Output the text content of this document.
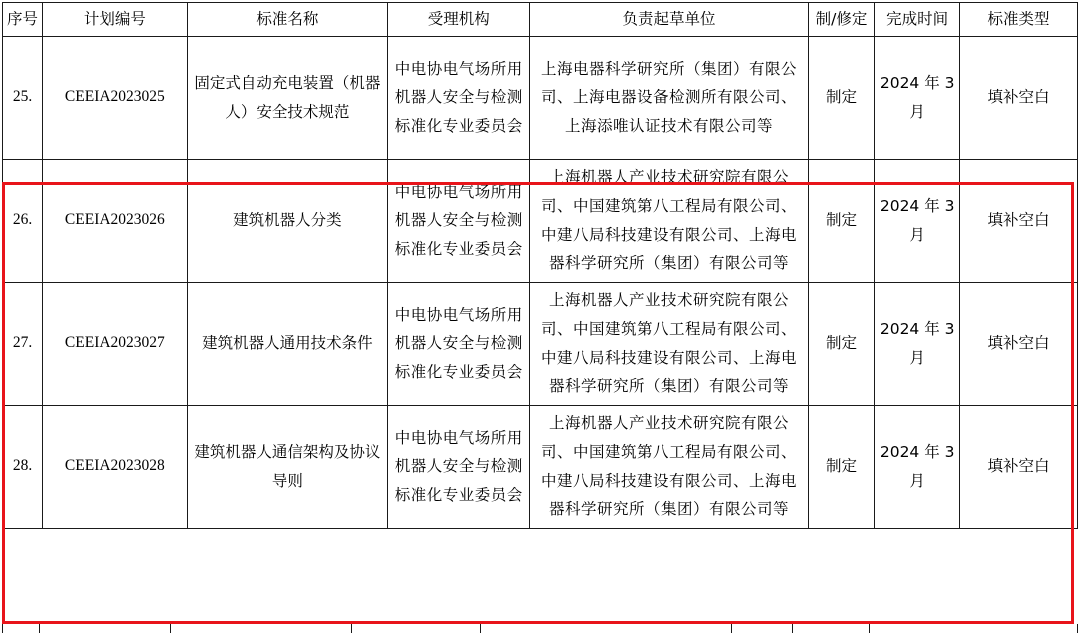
序号	计划编号	标准名称	受理机构	负责起草单位	制/修定	完成时间	标准类型
25.	CEEIA2023025	固定式自动充电装置（机器人）安全技术规范	中电协电气场所用机器人安全与检测标准化专业委员会	上海电器科学研究所（集团）有限公司、上海电器设备检测所有限公司、上海添唯认证技术有限公司等	制定	2024 年 3 月	填补空白
26.	CEEIA2023026	建筑机器人分类	中电协电气场所用机器人安全与检测标准化专业委员会	上海机器人产业技术研究院有限公司、中国建筑第八工程局有限公司、中建八局科技建设有限公司、上海电器科学研究所（集团）有限公司等	制定	2024 年 3 月	填补空白
27.	CEEIA2023027	建筑机器人通用技术条件	中电协电气场所用机器人安全与检测标准化专业委员会	上海机器人产业技术研究院有限公司、中国建筑第八工程局有限公司、中建八局科技建设有限公司、上海电器科学研究所（集团）有限公司等	制定	2024 年 3 月	填补空白
28.	CEEIA2023028	建筑机器人通信架构及协议导则	中电协电气场所用机器人安全与检测标准化专业委员会	上海机器人产业技术研究院有限公司、中国建筑第八工程局有限公司、中建八局科技建设有限公司、上海电器科学研究所（集团）有限公司等	制定	2024 年 3 月	填补空白
